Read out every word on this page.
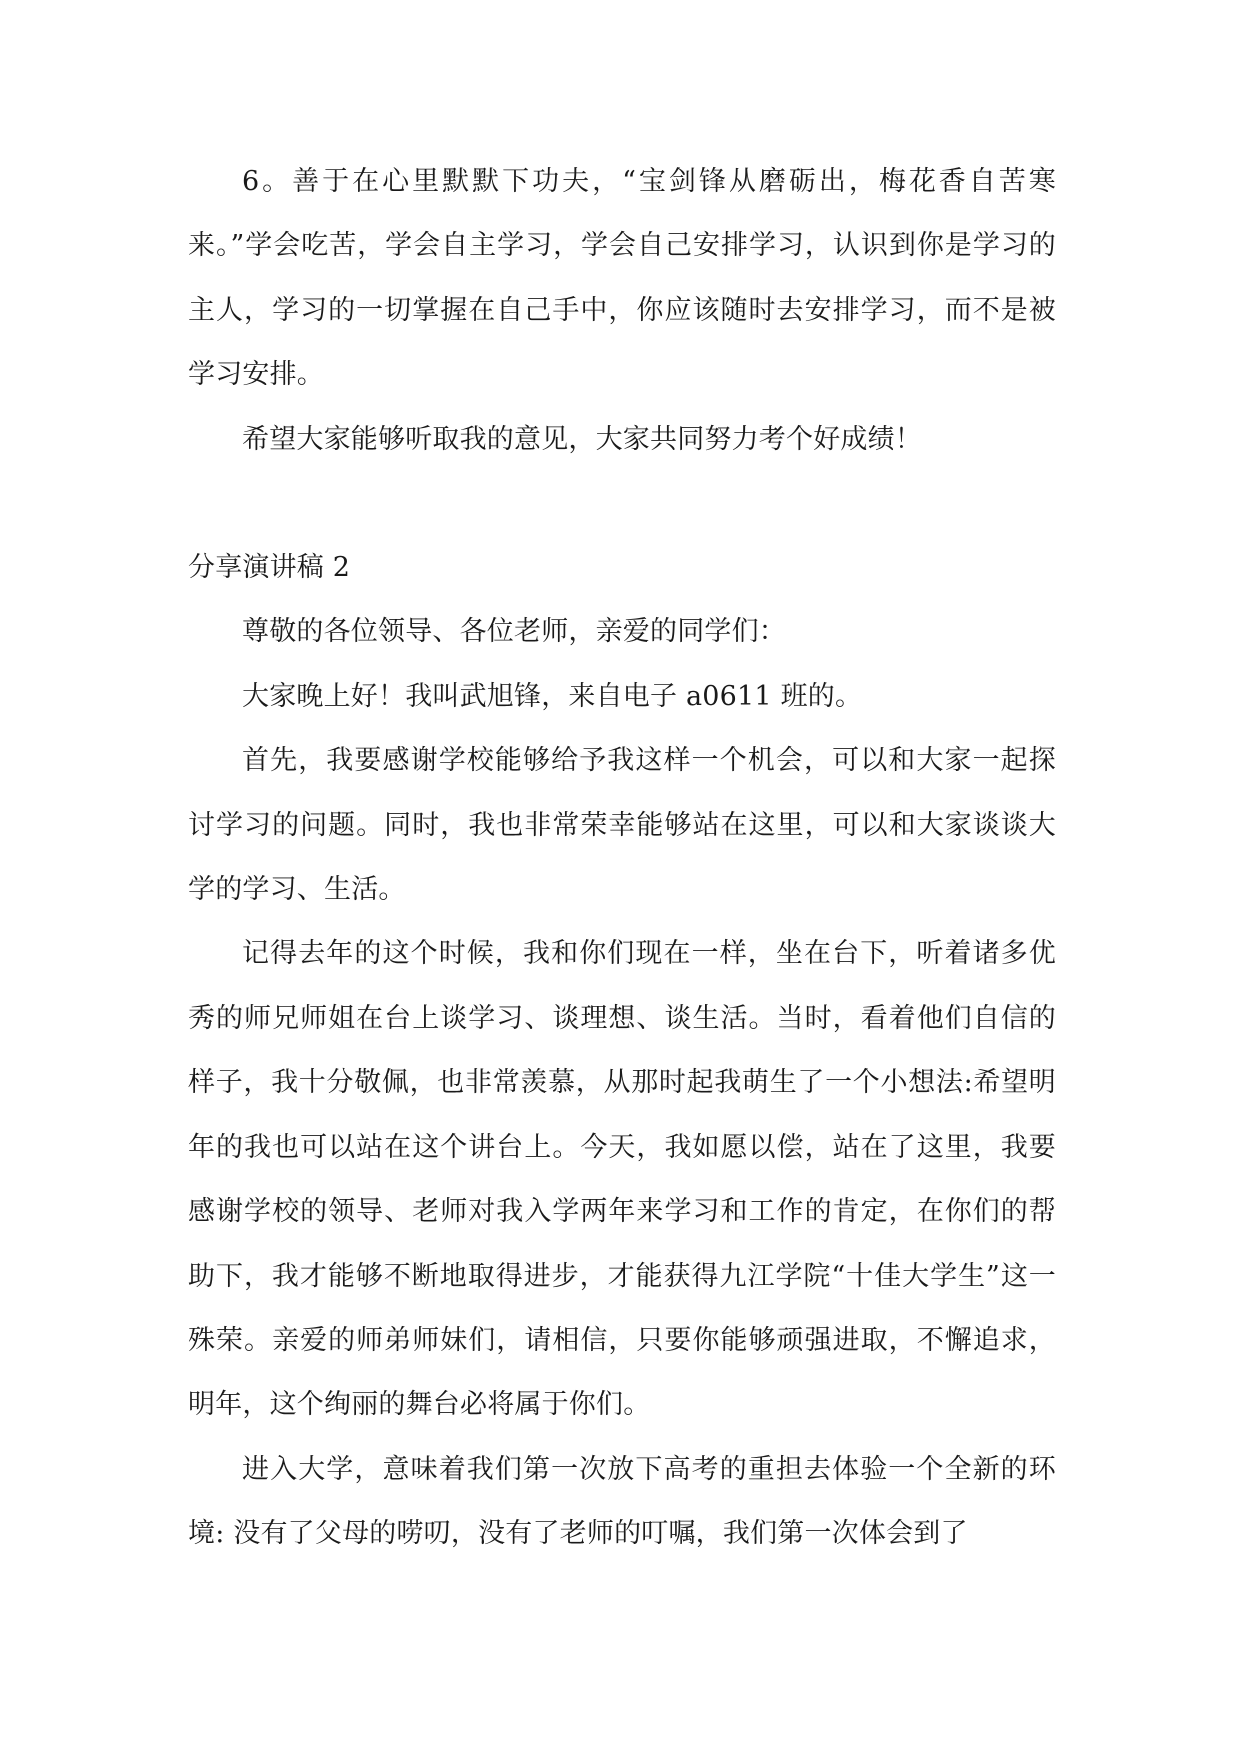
6。善于在心里默默下功夫，“宝剑锋从磨砺出，梅花香自苦寒来。”学会吃苦，学会自主学习，学会自己安排学习，认识到你是学习的主人，学习的一切掌握在自己手中，你应该随时去安排学习，而不是被学习安排。

希望大家能够听取我的意见，大家共同努力考个好成绩！

分享演讲稿 2

尊敬的各位领导、各位老师，亲爱的同学们：

大家晚上好！我叫武旭锋，来自电子 a0611 班的。

首先，我要感谢学校能够给予我这样一个机会，可以和大家一起探讨学习的问题。同时，我也非常荣幸能够站在这里，可以和大家谈谈大学的学习、生活。

记得去年的这个时候，我和你们现在一样，坐在台下，听着诸多优秀的师兄师姐在台上谈学习、谈理想、谈生活。当时，看着他们自信的样子，我十分敬佩，也非常羡慕，从那时起我萌生了一个小想法:希望明年的我也可以站在这个讲台上。今天，我如愿以偿，站在了这里，我要感谢学校的领导、老师对我入学两年来学习和工作的肯定，在你们的帮助下，我才能够不断地取得进步，才能获得九江学院“十佳大学生”这一殊荣。亲爱的师弟师妹们，请相信，只要你能够顽强进取，不懈追求，明年，这个绚丽的舞台必将属于你们。

进入大学，意味着我们第一次放下高考的重担去体验一个全新的环境: 没有了父母的唠叨，没有了老师的叮嘱，我们第一次体会到了
